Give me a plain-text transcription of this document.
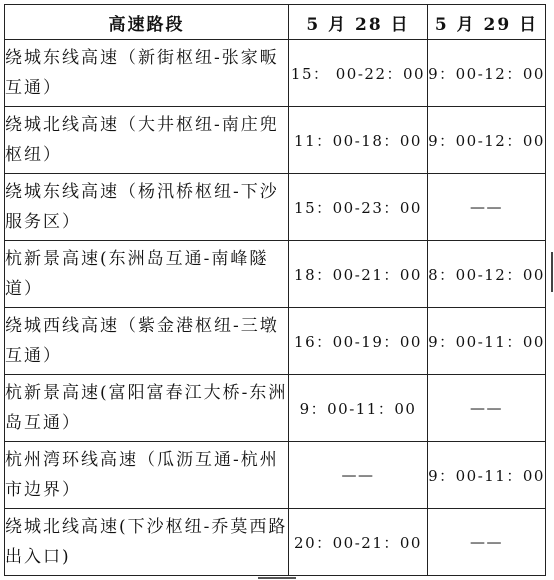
高速路段	5 月 28 日	5 月 29 日
绕城东线高速（新街枢纽-张家畈互通）	15： 00-22：00	9：00-12：00
绕城北线高速（大井枢纽-南庄兜枢纽）	11：00-18：00	9：00-12：00
绕城东线高速（杨汛桥枢纽-下沙服务区）	15：00-23：00	——
杭新景高速(东洲岛互通-南峰隧道）	18：00-21：00	8：00-12：00
绕城西线高速（紫金港枢纽-三墩互通）	16：00-19：00	9：00-11：00
杭新景高速(富阳富春江大桥-东洲岛互通）	9：00-11：00	——
杭州湾环线高速（瓜沥互通-杭州市边界）	——	9：00-11：00
绕城北线高速(下沙枢纽-乔莫西路出入口)	20：00-21：00	——
